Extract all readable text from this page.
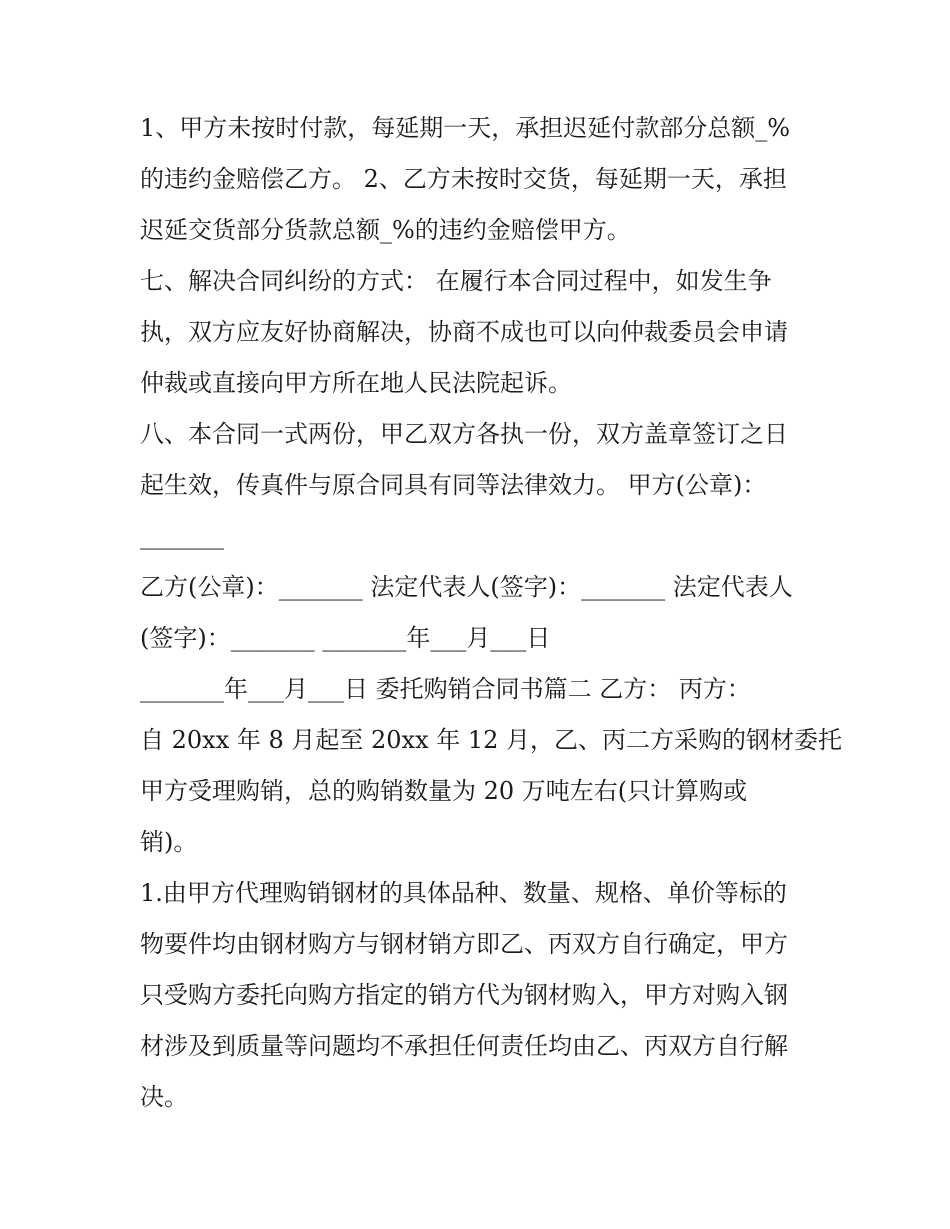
1、甲方未按时付款，每延期一天，承担迟延付款部分总额_%
的违约金赔偿乙方。 2、乙方未按时交货，每延期一天，承担
迟延交货部分货款总额_%的违约金赔偿甲方。
七、解决合同纠纷的方式： 在履行本合同过程中，如发生争
执，双方应友好协商解决，协商不成也可以向仲裁委员会申请
仲裁或直接向甲方所在地人民法院起诉。
八、本合同一式两份，甲乙双方各执一份，双方盖章签订之日
起生效，传真件与原合同具有同等法律效力。 甲方(公章)：
_______
乙方(公章)：_______ 法定代表人(签字)：_______ 法定代表人
(签字)：_______ _______年___月___日
_______年___月___日 委托购销合同书篇二 乙方： 丙方：
自 20xx 年 8 月起至 20xx 年 12 月，乙、丙二方采购的钢材委托
甲方受理购销，总的购销数量为 20 万吨左右(只计算购或
销)。
1.由甲方代理购销钢材的具体品种、数量、规格、单价等标的
物要件均由钢材购方与钢材销方即乙、丙双方自行确定，甲方
只受购方委托向购方指定的销方代为钢材购入，甲方对购入钢
材涉及到质量等问题均不承担任何责任均由乙、丙双方自行解
决。
